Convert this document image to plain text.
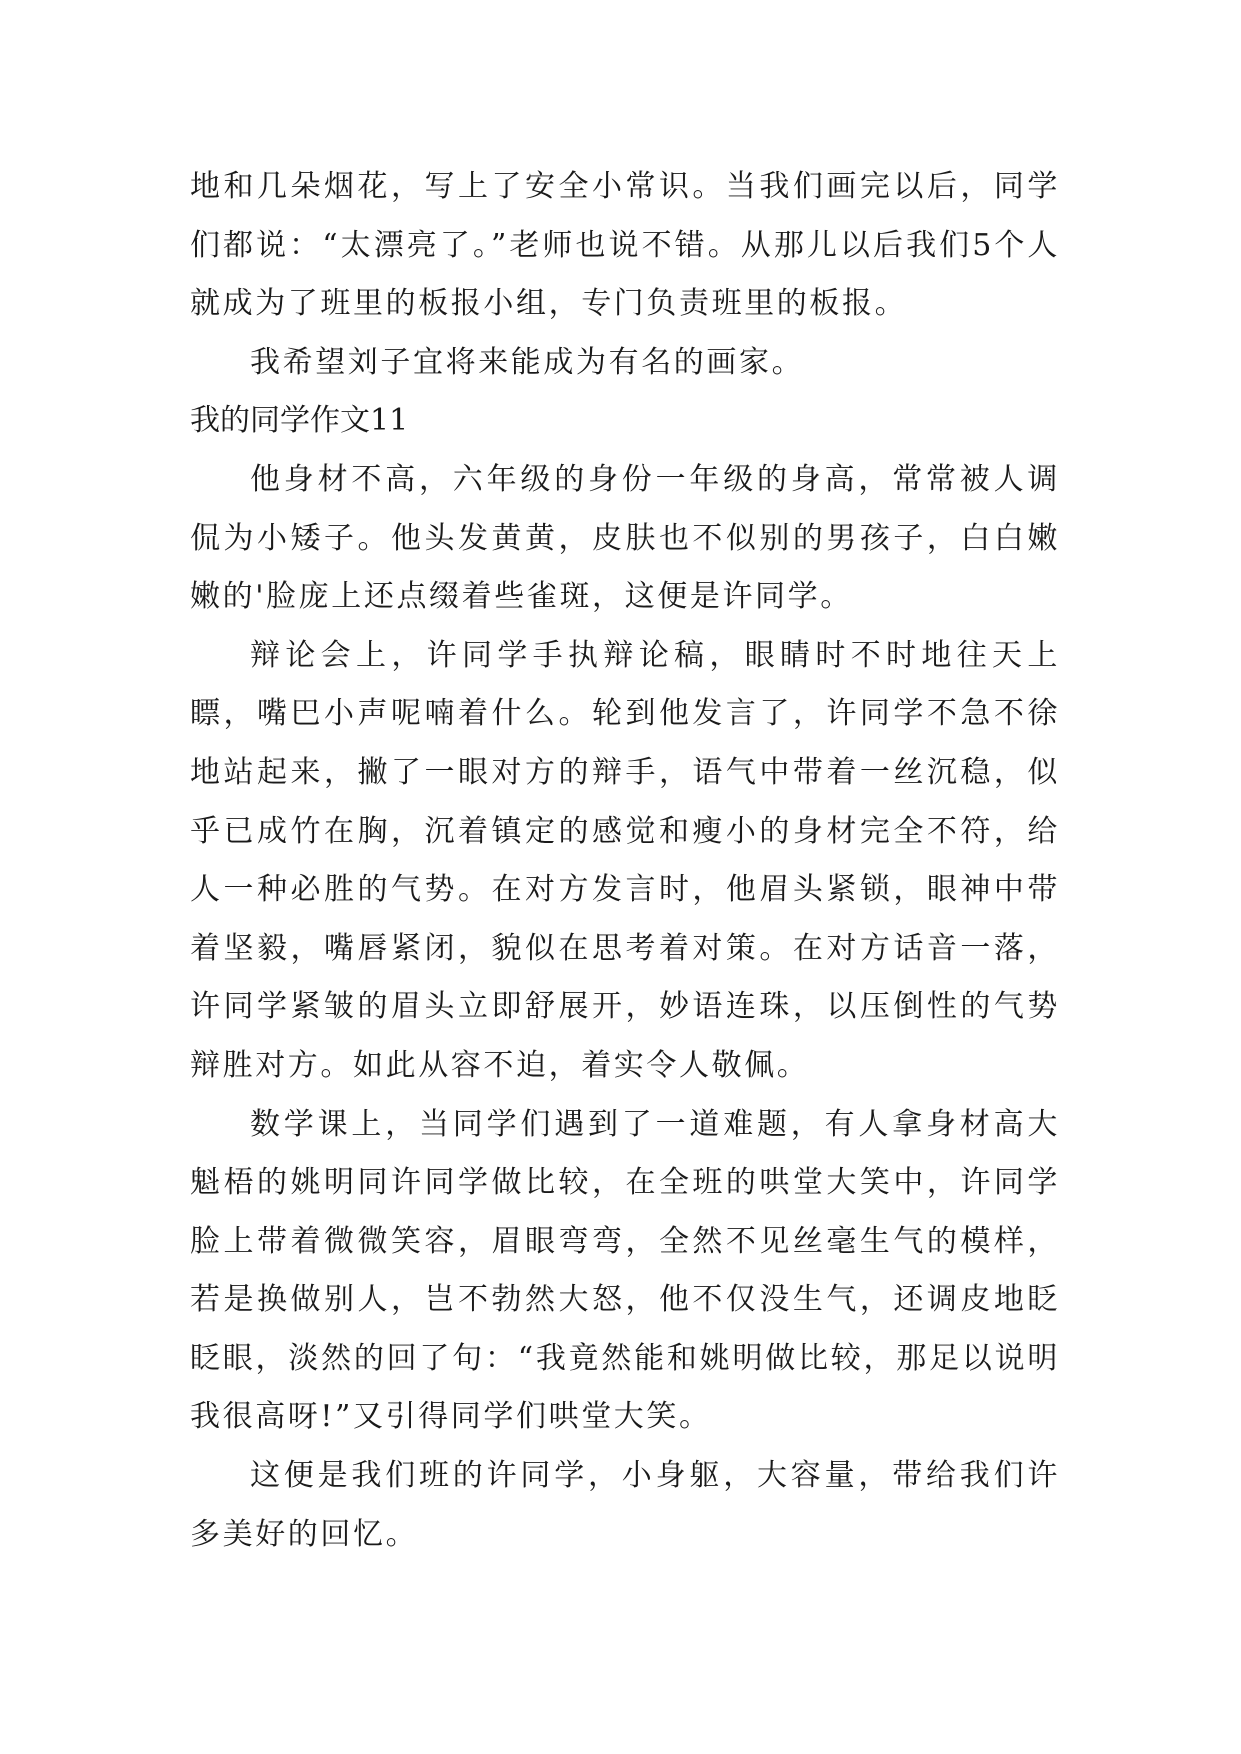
地和几朵烟花，写上了安全小常识。当我们画完以后，同学们都说：“太漂亮了。”老师也说不错。从那儿以后我们5个人就成为了班里的板报小组，专门负责班里的板报。

我希望刘子宜将来能成为有名的画家。

我的同学作文11

他身材不高，六年级的身份一年级的身高，常常被人调侃为小矮子。他头发黄黄，皮肤也不似别的男孩子，白白嫩嫩的'脸庞上还点缀着些雀斑，这便是许同学。

辩论会上，许同学手执辩论稿，眼睛时不时地往天上瞟，嘴巴小声呢喃着什么。轮到他发言了，许同学不急不徐地站起来，撇了一眼对方的辩手，语气中带着一丝沉稳，似乎已成竹在胸，沉着镇定的感觉和瘦小的身材完全不符，给人一种必胜的气势。在对方发言时，他眉头紧锁，眼神中带着坚毅，嘴唇紧闭，貌似在思考着对策。在对方话音一落，许同学紧皱的眉头立即舒展开，妙语连珠，以压倒性的气势辩胜对方。如此从容不迫，着实令人敬佩。

数学课上，当同学们遇到了一道难题，有人拿身材高大魁梧的姚明同许同学做比较，在全班的哄堂大笑中，许同学脸上带着微微笑容，眉眼弯弯，全然不见丝毫生气的模样，若是换做别人，岂不勃然大怒，他不仅没生气，还调皮地眨眨眼，淡然的回了句：“我竟然能和姚明做比较，那足以说明我很高呀!”又引得同学们哄堂大笑。

这便是我们班的许同学，小身躯，大容量，带给我们许多美好的回忆。
